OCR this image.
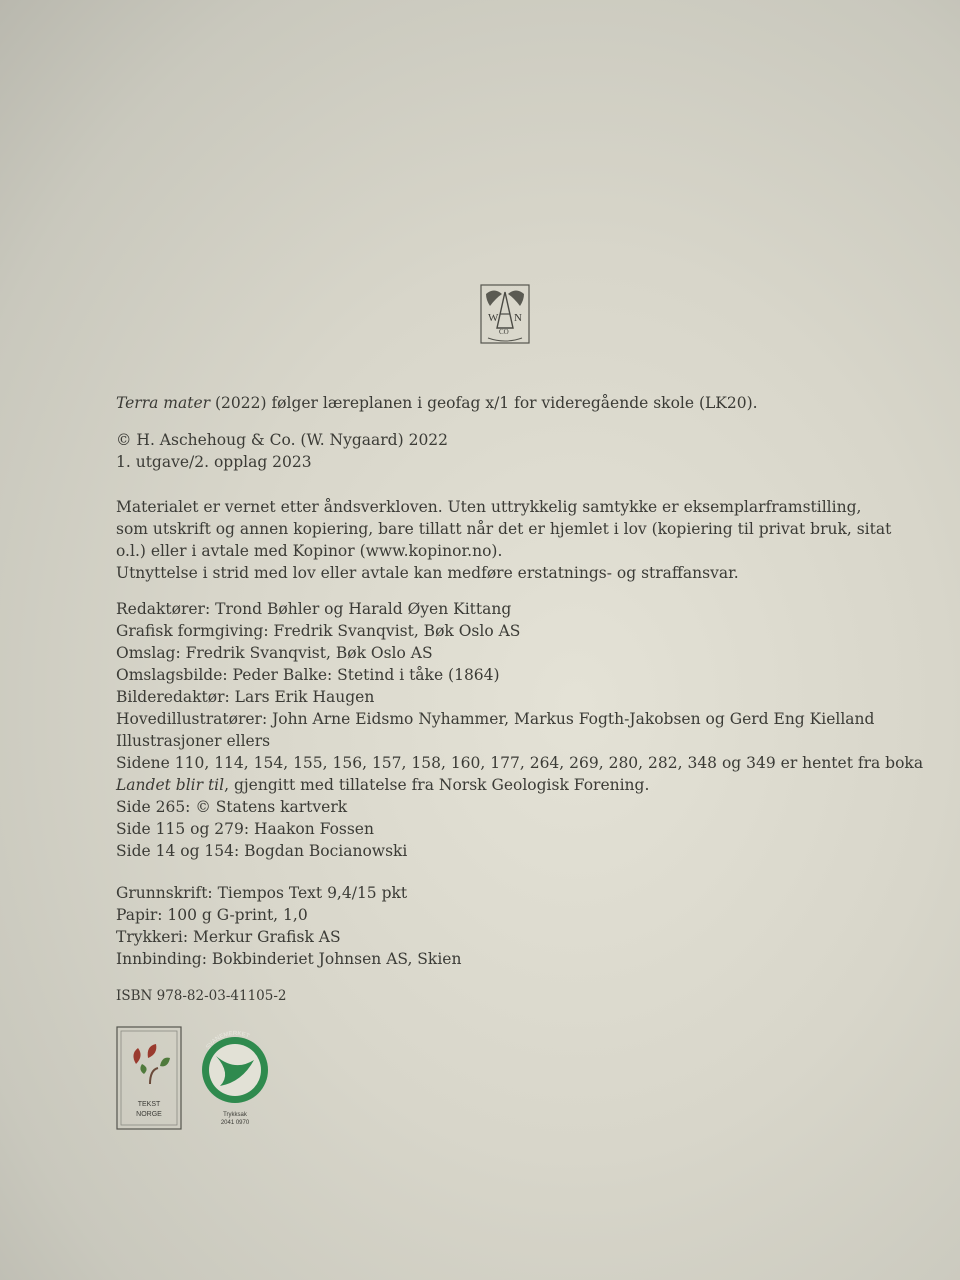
W N
CO
Terra mater (2022) følger læreplanen i geofag x/1 for videregående skole (LK20).
© H. Aschehoug & Co. (W. Nygaard) 2022
1. utgave/2. opplag 2023
Materialet er vernet etter åndsverkloven. Uten uttrykkelig samtykke er eksemplarframstilling,
som utskrift og annen kopiering, bare tillatt når det er hjemlet i lov (kopiering til privat bruk, sitat
o.l.) eller i avtale med Kopinor (www.kopinor.no).
Utnyttelse i strid med lov eller avtale kan medføre erstatnings- og straffansvar.
Redaktører: Trond Bøhler og Harald Øyen Kittang
Grafisk formgiving: Fredrik Svanqvist, Bøk Oslo AS
Omslag: Fredrik Svanqvist, Bøk Oslo AS
Omslagsbilde: Peder Balke: Stetind i tåke (1864)
Bilderedaktør: Lars Erik Haugen
Hovedillustratører: John Arne Eidsmo Nyhammer, Markus Fogth-Jakobsen og Gerd Eng Kielland
Illustrasjoner ellers
Sidene 110, 114, 154, 155, 156, 157, 158, 160, 177, 264, 269, 280, 282, 348 og 349 er hentet fra boka
Landet blir til, gjengitt med tillatelse fra Norsk Geologisk Forening.
Side 265: © Statens kartverk
Side 115 og 279: Haakon Fossen
Side 14 og 154: Bogdan Bocianowski
Grunnskrift: Tiempos Text 9,4/15 pkt
Papir: 100 g G-print, 1,0
Trykkeri: Merkur Grafisk AS
Innbinding: Bokbinderiet Johnsen AS, Skien
ISBN 978-82-03-41105-2
TEKST
NORGE
SVANEMERKET
Trykksak
2041 0970
